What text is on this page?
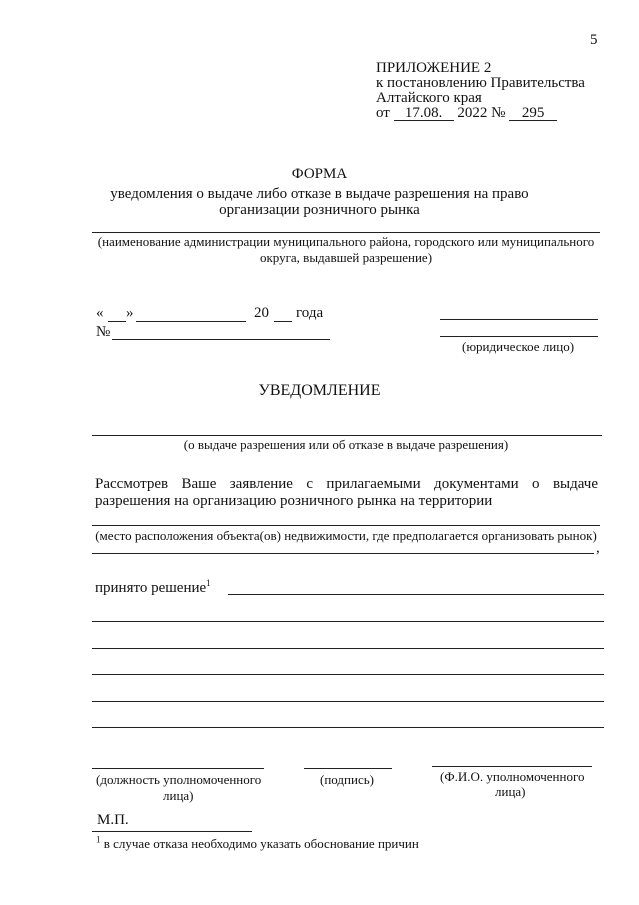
5
ПРИЛОЖЕНИЕ 2
к постановлению Правительства
Алтайского края
от 17.08. 2022 № 295
ФОРМА
уведомления о выдаче либо отказе в выдаче разрешения на право
организации розничного рынка
(наименование администрации муниципального района, городского или муниципального
округа, выдавшей разрешение)
« »	20 года
№
(юридическое лицо)
УВЕДОМЛЕНИЕ
(о выдаче разрешения или об отказе в выдаче разрешения)
Рассмотрев Ваше заявление с прилагаемыми документами о выдаче
разрешения на организацию розничного рынка на территории
(место расположения объекта(ов) недвижимости, где предполагается организовать рынок)
,
принято решение$^1$
(должность уполномоченного
лица)
(подпись)	(Ф.И.О. уполномоченного
лица)
М.П.
$^1$ в случае отказа необходимо указать обоснование причин
